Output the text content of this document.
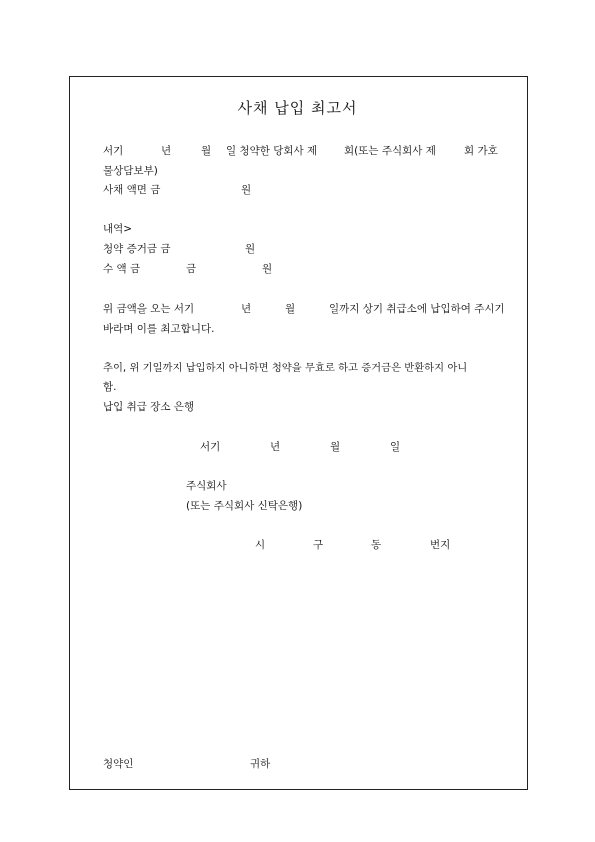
사채 납입 최고서
서기	년	월 일 청약한 당회사 제	회(또는 주식회사 제	회 가호
물상담보부)
사채 액면 금	원
내역>
청약 증거금 금	원
수 액 금	금	원
위 금액을 오는 서기	년	월	일까지 상기 취급소에 납입하여 주시기
바라며 이를 최고합니다.
추이, 위 기일까지 납입하지 아니하면 청약을 무효로 하고 증거금은 반환하지 아니
함.
납입 취급 장소 은행
서기	년	월	일
주식회사
(또는 주식회사 신탁은행)
시	구	동	번지
청약인	귀하
